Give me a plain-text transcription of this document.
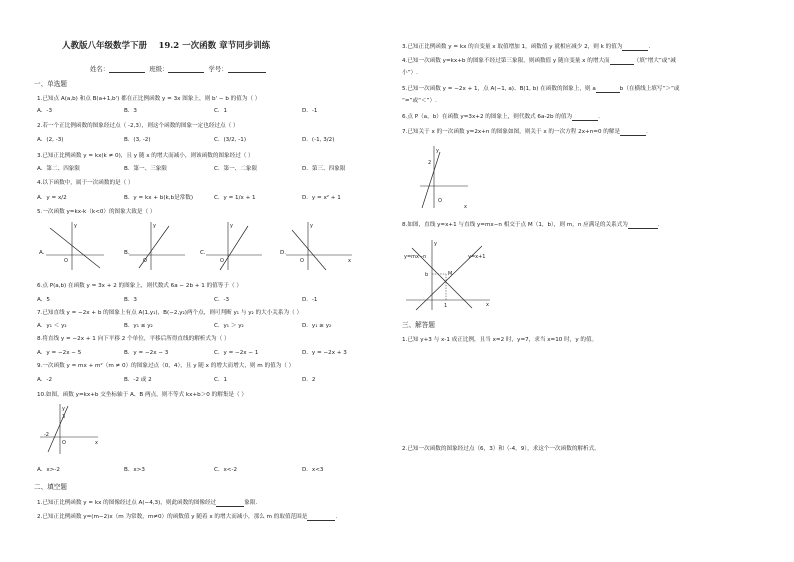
人教版八年级数学下册　 19.2 一次函数 章节同步训练
姓名：	班级：	学号：
一、单选题
1.已知点 A(a,b) 和点 B(a+1,b') 都在正比例函数 y = 3x 图象上，则 b' − b 的值为（ ）
A．-3	B．3	C．1	D．-1
2.若一个正比例函数的图象经过点（ -2,3），则这个函数的图象一定也经过点（ ）
A．(2, -3)	B．(3, -2)	C．(3/2, -1)	D．(-1, 3/2)
3.已知正比例函数 y = kx(k ≠ 0)，且 y 随 x 的增大而减小，则该函数的图象经过（ ）
A．第二、四象限	B．第一、三象限	C．第一、二象限	D．第三、四象限
4.以下函数中，属于一次函数的是（ ）
A．y = x/2	B．y = kx + b(k,b是常数)	C．y = 1/x + 1	D．y = x² + 1
5.一次函数 y=kx-k（k<0）的图象大致是（ ）
A.	B.	C.	D.
y
O
y
O
y
O
y
O	x
6.点 P(a,b) 在函数 y = 3x + 2 的图象上，则代数式 6a − 2b + 1 的值等于（ ）
A．5	B．3	C．-3	D．-1
7.已知直线 y = −2x + b 的图象上有点 A(1,y₁)，B(−2,y₂)两个点，则可判断 y₁ 与 y₂ 的大小关系为（ ）
A．y₁ ＜ y₂	B．y₁ ≤ y₂	C．y₁ ＞ y₂	D．y₁ ≥ y₂
8.将直线 y = −2x + 1 向下平移 2 个单位，平移后所得直线的解析式为（ ）
A．y = −2x − 5	B．y = −2x − 3	C．y = −2x − 1	D．y = −2x + 3
9.一次函数 y = mx + m²（m ≠ 0）的图象过点（0，4），且 y 随 x 的增大而增大，则 m 的值为（ ）
A．-2	B．-2 或 2	C．1	D．2
10.如图，函数 y=kx+b 交坐标轴于 A、B 两点，则不等式 kx+b＞0 的解集是（ ）
y
3
-2
O	x
A．x>-2	B．x>3	C．x<-2	D．x<3
二、填空题
1.已知正比例函数 y = kx 的图像经过点 A(−4,3)，则此函数的图像经过	象限.
2.已知正比例函数 y=(m−2)x（m 为常数，m≠0）的函数值 y 随着 x 的增大而减小，那么 m 的取值范围是	.
3.已知正比例函数 y = kx 的自变量 x 取值增加 1，函数值 y 就相应减少 2，则 k 的值为	.
4.已知一次函数 y=kx+b 的图象不经过第三象限，则函数值 y 随自变量 x 的增大而	（填“增大”或“减
小”）.
5.已知一次函数 y = −2x + 1，点 A(−1, a)、B(1, b) 在函数的图象上，则 a	b（在横线上填写“＞”或
“=”或“＜”）.
6.点 P（a，b）在函数 y=3x+2 的图象上，则代数式 6a-2b 的值为	.
7.已知关于 x 的一次函数 y=2x+n 的图象如图，则关于 x 的一次方程 2x+n=0 的解是	.
y
2
O
x
8.如图，直线 y=x+1 与直线 y=mx−n 相交于点 M（1，b），则 m，n 应满足的关系式为	.
y=mx−n	y=x+1
M
b
1
y
x
三、解答题
1.已知 y+3 与 x-1 成正比例，且当 x=2 时，y=7，求当 x=10 时，y 的值。
2.已知一次函数的图象经过点（6，3）和（-4，9），求这个一次函数的解析式。
